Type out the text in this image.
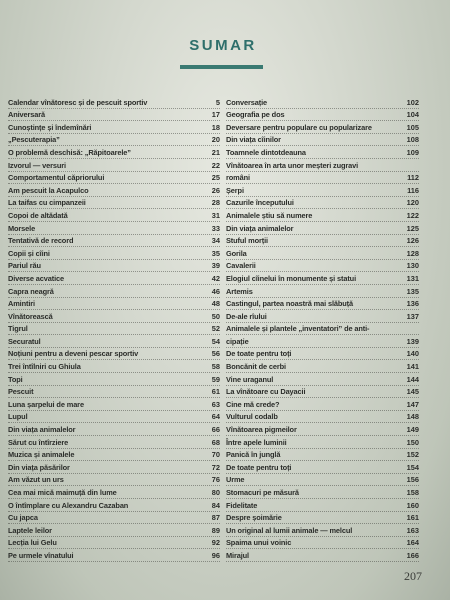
SUMAR
Calendar vînătoresc și de pescuit sportiv	5
Aniversară	17
Cunoștințe și îndemînări	18
„Pescuterapia”	20
O problemă deschisă: „Răpitoarele”	21
Izvorul — versuri	22
Comportamentul căpriorului	25
Am pescuit la Acapulco	26
La taifas cu cimpanzeii	28
Copoi de altădată	31
Morsele	33
Tentativă de record	34
Copii și cîini	35
Pariul rău	39
Diverse acvatice	42
Capra neagră	46
Amintiri	48
Vînătorească	50
Tigrul	52
Securatul	54
Noțiuni pentru a deveni pescar sportiv	56
Trei întîlniri cu Ghiula	58
Topi	59
Pescuit	61
Luna șarpelui de mare	63
Lupul	64
Din viața animalelor	66
Sărut cu întîrziere	68
Muzica și animalele	70
Din viața păsărilor	72
Am văzut un urs	76
Cea mai mică maimuță din lume	80
O întîmplare cu Alexandru Cazaban	84
Cu japca	87
Laptele leilor	89
Lecția lui Gelu	92
Pe urmele vînatului	96
Conversație	102
Geografia pe dos	104
Deversare pentru populare cu popularizare	105
Din viața cîinilor	108
Toamnele dintotdeauna	109
Vînătoarea în arta unor meșteri zugravi
români	112
Șerpi	116
Cazurile începutului	120
Animalele știu să numere	122
Din viața animalelor	125
Stuful morții	126
Gorila	128
Cavalerii	130
Elogiul cîinelui în monumente și statui	131
Artemis	135
Castingul, partea noastră mai slăbuță	136
De-ale rîului	137
Animalele și plantele „inventatori” de anti-
cipație	139
De toate pentru toți	140
Boncănit de cerbi	141
Vine uraganul	144
La vînătoare cu Dayacii	145
Cine mă crede?	147
Vulturul codalb	148
Vînătoarea pigmeilor	149
Între apele luminii	150
Panică în junglă	152
De toate pentru toți	154
Urme	156
Stomacuri pe măsură	158
Fidelitate	160
Despre șoimărie	161
Un original al lumii animale — melcul	163
Spaima unui voinic	164
Mirajul	166
207
